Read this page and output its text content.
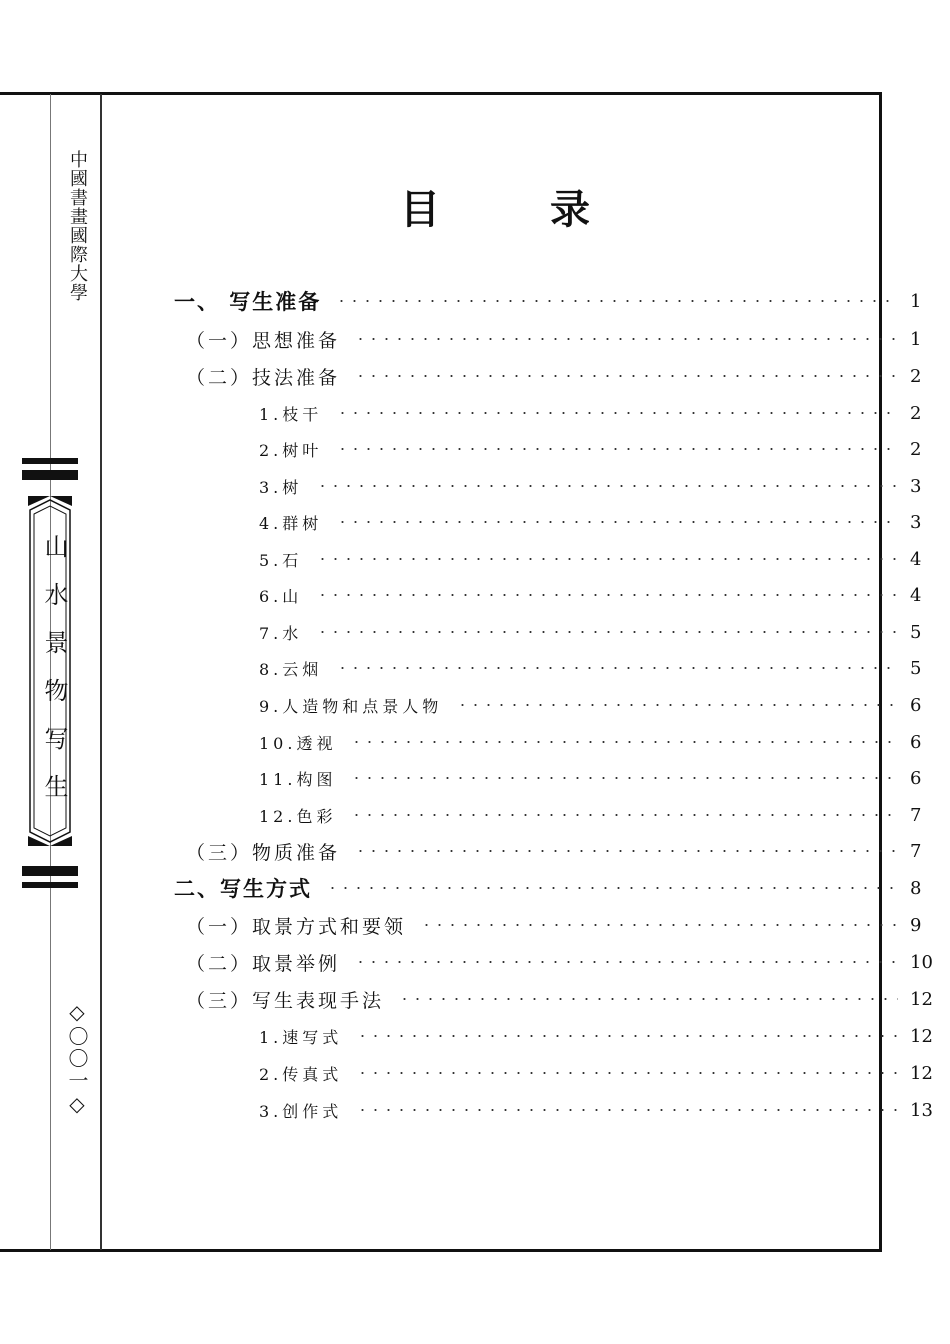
中國書畫國際大學
山水景物写生
◇〇〇一◇
目录
一、 写生准备	1
（一）思想准备	1
（二）技法准备	2
1.枝干	2
2.树叶	2
3.树	3
4.群树	3
5.石	4
6.山	4
7.水	5
8.云烟	5
9.人造物和点景人物	6
10.透视	6
11.构图	6
12.色彩	7
（三）物质准备	7
二、写生方式	8
（一）取景方式和要领	9
（二）取景举例	10
（三）写生表现手法	12
1.速写式	12
2.传真式	12
3.创作式	13
